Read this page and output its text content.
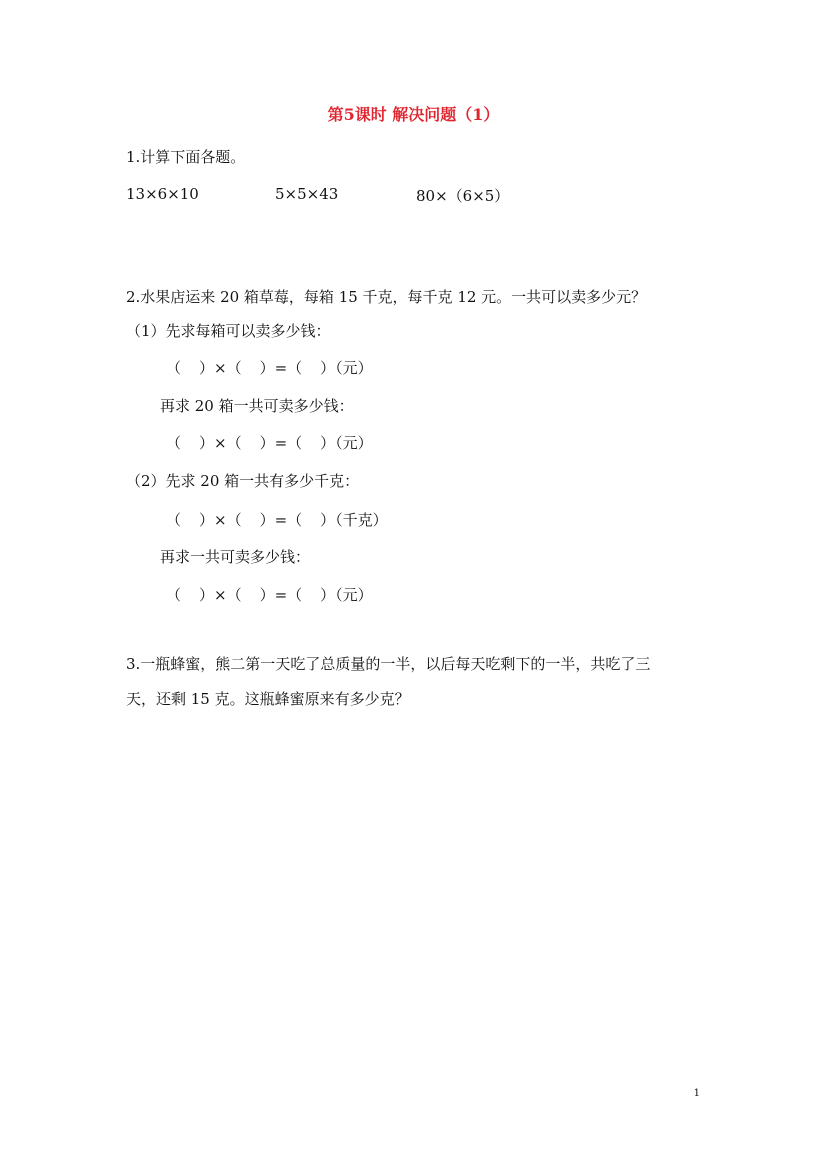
第5课时 解决问题（1）
1.计算下面各题。
13×6×10	5×5×43	80×（6×5）
2.水果店运来 20 箱草莓，每箱 15 千克，每千克 12 元。一共可以卖多少元？
（1）先求每箱可以卖多少钱：
（ ）×（ ）=（ ）（元）
再求 20 箱一共可卖多少钱：
（ ）×（ ）=（ ）（元）
（2）先求 20 箱一共有多少千克：
（ ）×（ ）=（ ）（千克）
再求一共可卖多少钱：
（ ）×（ ）=（ ）（元）
3.一瓶蜂蜜，熊二第一天吃了总质量的一半，以后每天吃剩下的一半，共吃了三
天，还剩 15 克。这瓶蜂蜜原来有多少克？
1
